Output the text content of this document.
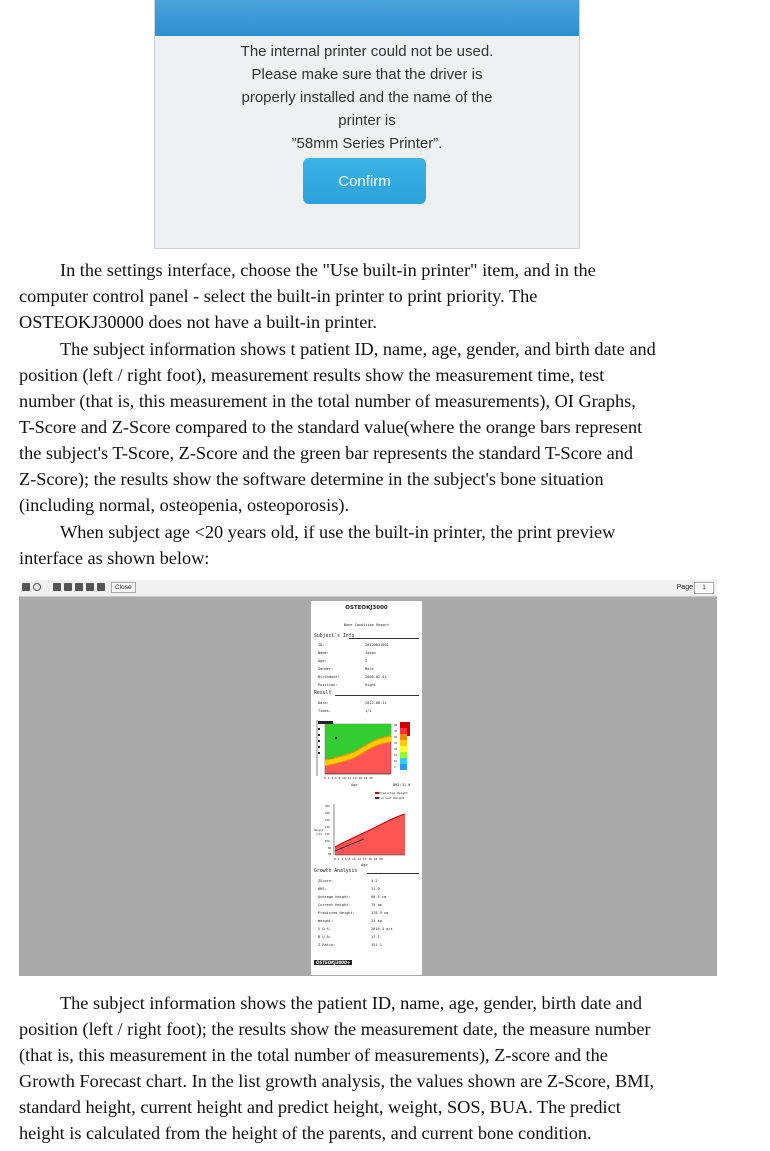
The internal printer could not be used.
Please make sure that the driver is
properly installed and the name of the
printer is
”58mm Series Printer”.
Confirm
In the settings interface, choose the "Use built-in printer" item, and in the
computer control panel - select the built-in printer to print priority. The
OSTEOKJ30000 does not have a built-in printer.
The subject information shows t patient ID, name, age, gender, and birth date and
position (left / right foot), measurement results show the measurement time, test
number (that is, this measurement in the total number of measurements), OI Graphs,
T-Score and Z-Score compared to the standard value(where the orange bars represent
the subject's T-Score, Z-Score and the green bar represents the standard T-Score and
Z-Score); the results show the software determine in the subject's bone situation
(including normal, osteopenia, osteoporosis).
When subject age <20 years old, if use the built-in printer, the print preview
interface as shown below:
Close	Page	1
OSTEOKJ3000
Bone Condition Report
Subject's Info
ID:	20120831001
Name:	Jason
Age:	3
Gender:	Male
Birthdate:	2008-02-01
Position:	Right
Result
Date:	2012-08-31
Times:	1/1
0 2 4 6 8 10 12 14 16 18 20
40
35
30
25
20
15
10
5
Age	BMI:31.0
Predicted Height
Current Height
200
180
160
140
120
100
80
60
Height
(cm)
0 2 4 6 8 10 12 14 16 18 20
Age
Growth Analysis
ZScore:	4.2
BMI:	31.0
Average Height:	96.5 cm
Current Height:	75 cm
Predicted Height:	178.9 cm
Weight:	23 kg
S O S:	2010.4 m/s
B U A:	17.1
Z-Ratio:	151 %
OSTEOKJ3000+
The subject information shows the patient ID, name, age, gender, birth date and
position (left / right foot); the results show the measurement date, the measure number
(that is, this measurement in the total number of measurements), Z-score and the
Growth Forecast chart. In the list growth analysis, the values shown are Z-Score, BMI,
standard height, current height and predict height, weight, SOS, BUA. The predict
height is calculated from the height of the parents, and current bone condition.
